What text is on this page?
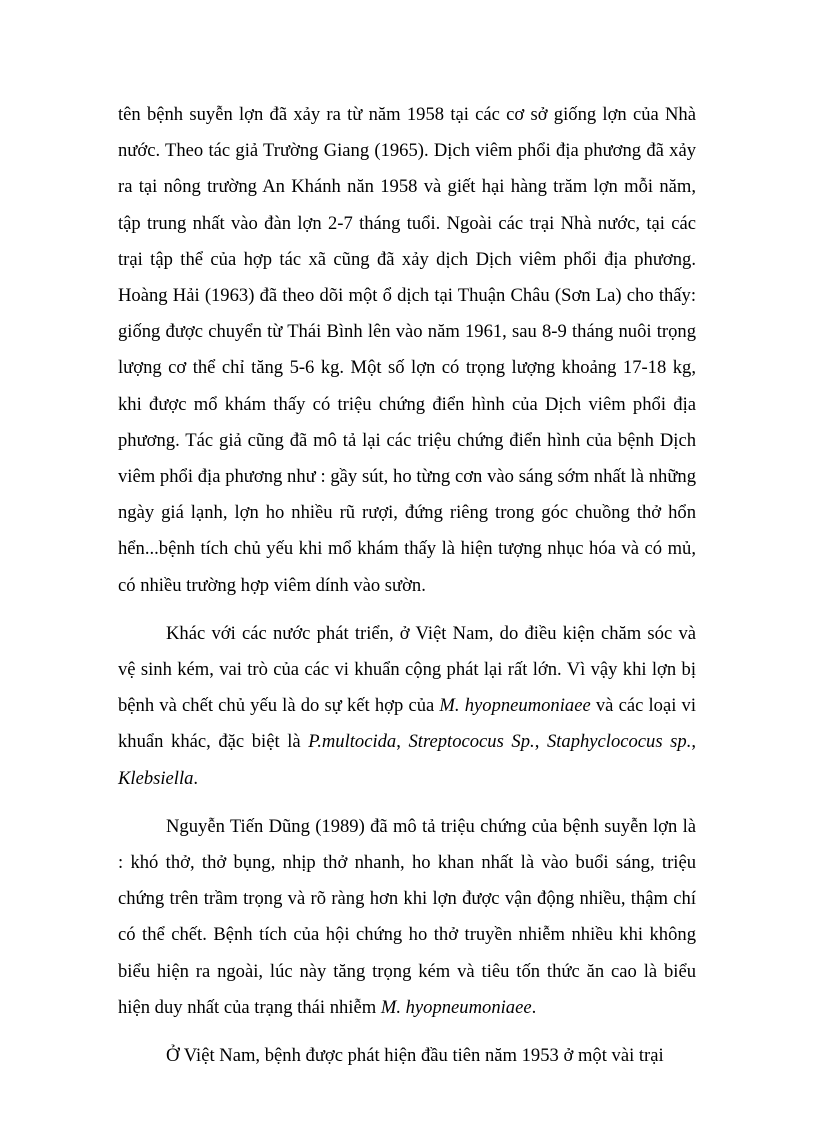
tên bệnh suyễn lợn đã xảy ra từ năm 1958 tại các cơ sở giống lợn của Nhà nước. Theo tác giả Trường Giang (1965). Dịch viêm phổi địa phương đã xảy ra tại nông trường An Khánh năn 1958 và giết hại hàng trăm lợn mỗi năm, tập trung nhất vào đàn lợn 2-7 tháng tuổi. Ngoài các trại Nhà nước, tại các trại tập thể của hợp tác xã cũng đã xảy dịch Dịch viêm phổi địa phương. Hoàng Hải (1963) đã theo dõi một ổ dịch tại Thuận Châu (Sơn La) cho thấy: giống được chuyển từ Thái Bình lên vào năm 1961, sau 8-9 tháng nuôi trọng lượng cơ thể chỉ tăng 5-6 kg. Một số lợn có trọng lượng khoảng 17-18 kg, khi được mổ khám thấy có triệu chứng điển hình của Dịch viêm phổi địa phương. Tác giả cũng đã mô tả lại các triệu chứng điển hình của bệnh Dịch viêm phổi địa phương như : gầy sút, ho từng cơn vào sáng sớm nhất là những ngày giá lạnh, lợn ho nhiều rũ rượi, đứng riêng trong góc chuồng thở hổn hển...bệnh tích chủ yếu khi mổ khám thấy là hiện tượng nhục hóa và có mủ, có nhiều trường hợp viêm dính vào sườn.

Khác với các nước phát triển, ở Việt Nam, do điều kiện chăm sóc và vệ sinh kém, vai trò của các vi khuẩn cộng phát lại rất lớn. Vì vậy khi lợn bị bệnh và chết chủ yếu là do sự kết hợp của M. hyopneumoniaee và các loại vi khuẩn khác, đặc biệt là P.multocida, Streptococus Sp., Staphyclococus sp., Klebsiella.

Nguyễn Tiến Dũng (1989) đã mô tả triệu chứng của bệnh suyễn lợn là : khó thở, thở bụng, nhịp thở nhanh, ho khan nhất là vào buổi sáng, triệu chứng trên trầm trọng và rõ ràng hơn khi lợn được vận động nhiều, thậm chí có thể chết. Bệnh tích của hội chứng ho thở truyền nhiễm nhiều khi không biểu hiện ra ngoài, lúc này tăng trọng kém và tiêu tốn thức ăn cao là biểu hiện duy nhất của trạng thái nhiễm M. hyopneumoniaee.

Ở Việt Nam, bệnh được phát hiện đầu tiên năm 1953 ở một vài trại
